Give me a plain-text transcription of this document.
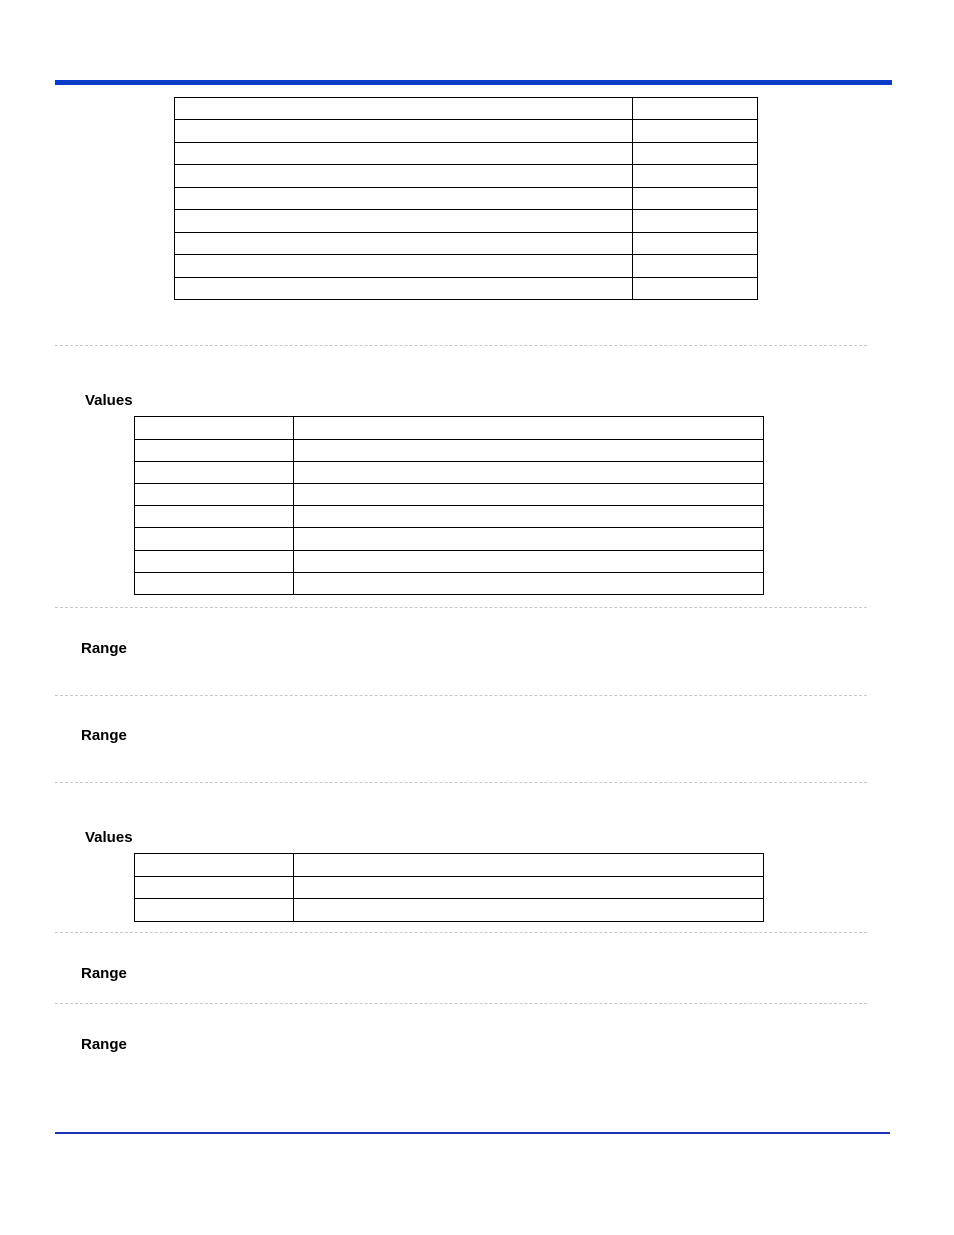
Values

Range
Range
Values

Range
Range
